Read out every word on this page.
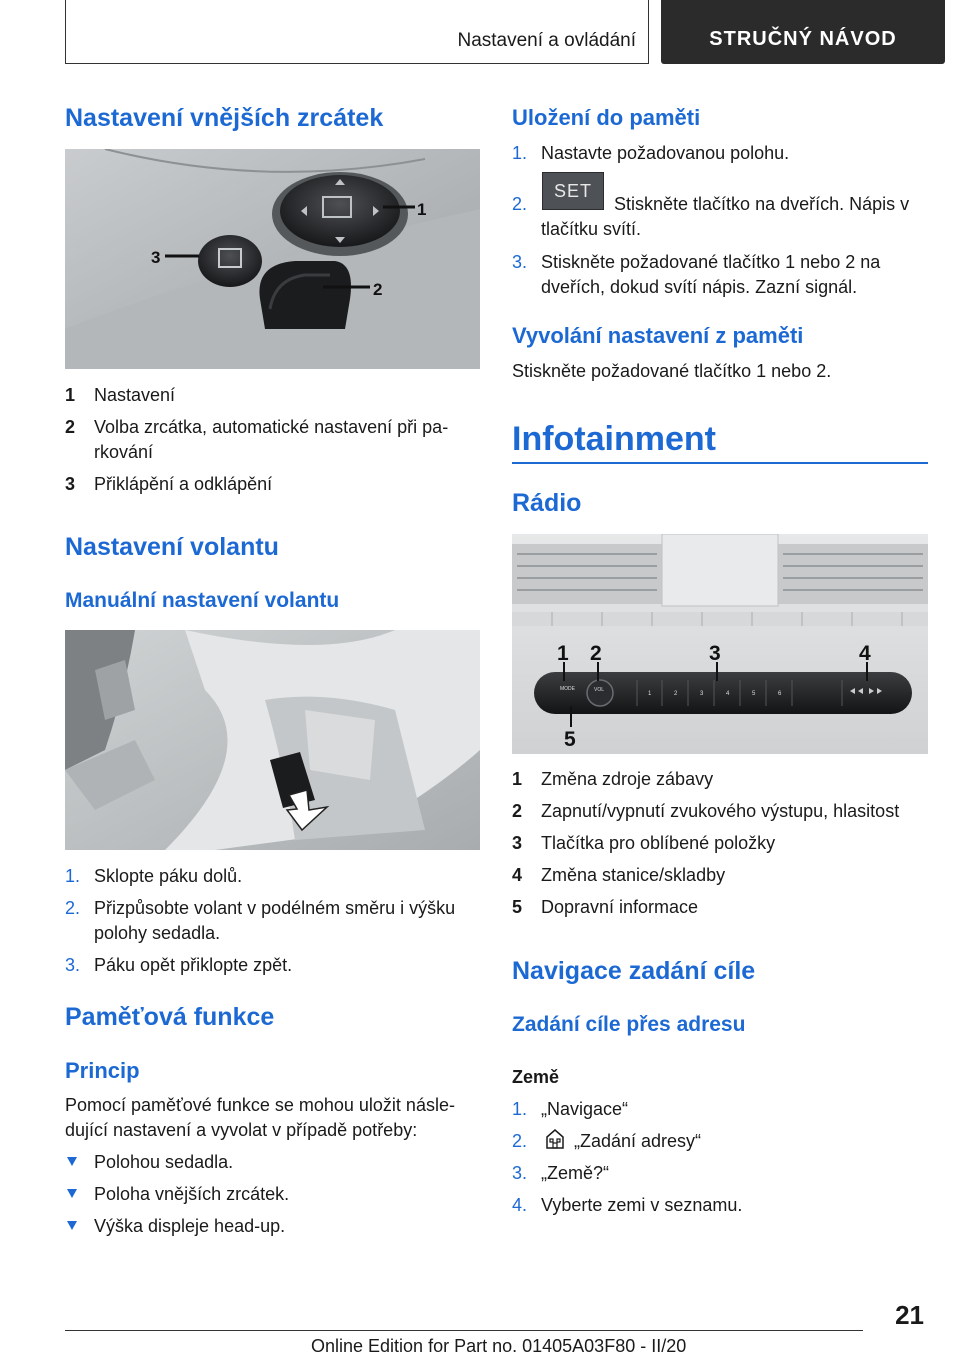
Nastavení a ovládání	STRUČNÝ NÁVOD
Nastavení vnějších zrcátek
1
2
3
1 Nastavení
2 Volba zrcátka, automatické nastavení při pa-
rkování
3 Přiklápění a odklápění
Nastavení volantu
Manuální nastavení volantu
1. Sklopte páku dolů.
2. Přizpůsobte volant v podélném směru i výšku
polohy sedadla.
3. Páku opět přiklopte zpět.
Paměťová funkce
Princip
Pomocí paměťové funkce se mohou uložit násle-
dující nastavení a vyvolat v případě potřeby:
Polohou sedadla.
Poloha vnějších zrcátek.
Výška displeje head-up.
Uložení do paměti
1. Nastavte požadovanou polohu.
2.
SET
Stiskněte tlačítko na dveřích. Nápis v
tlačítku svítí.
3. Stiskněte požadované tlačítko 1 nebo 2 na
dveřích, dokud svítí nápis. Zazní signál.
Vyvolání nastavení z paměti
Stiskněte požadované tlačítko 1 nebo 2.
Infotainment
Rádio
MODE	VOL
1	2	3	4	5	6
1 2	3	4
5
1 Změna zdroje zábavy
2 Zapnutí/vypnutí zvukového výstupu, hlasitost
3 Tlačítka pro oblíbené položky
4 Změna stanice/skladby
5 Dopravní informace
Navigace zadání cíle
Zadání cíle přes adresu
Země
1. „Navigace“
2.	„Zadání adresy“
3. „Země?“
4. Vyberte zemi v seznamu.
21
Online Edition for Part no. 01405A03F80 - II/20
